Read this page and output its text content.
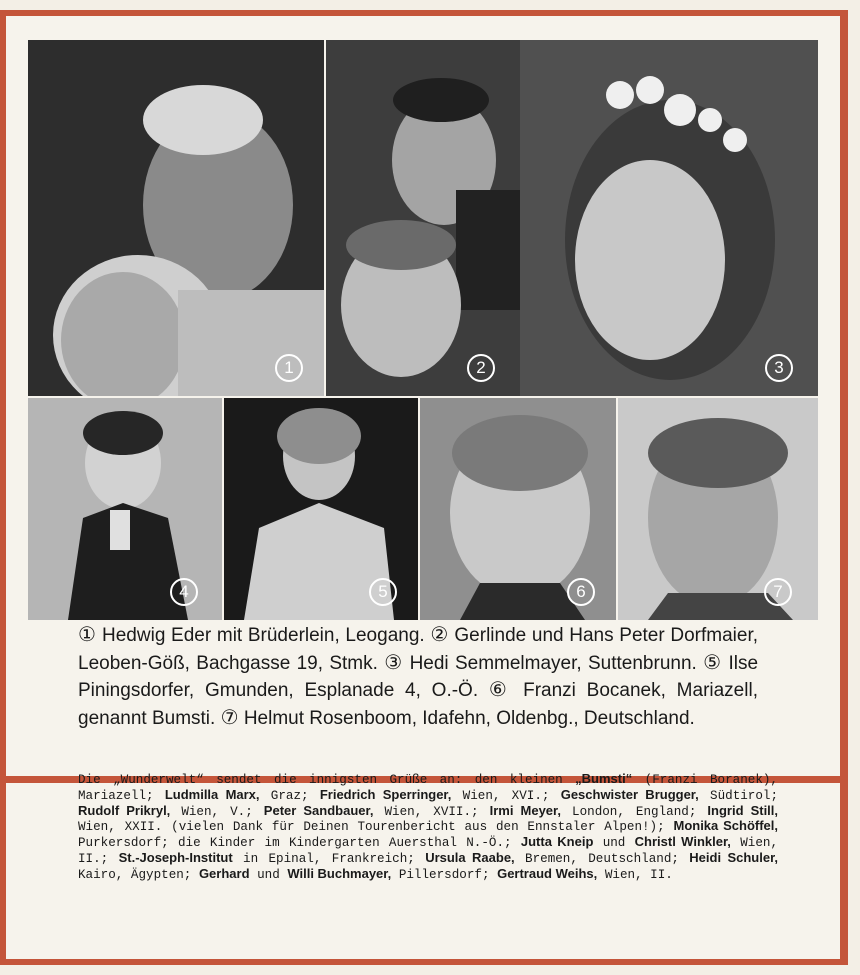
1	2	3
4	5	6	7
① Hedwig Eder mit Brüderlein, Leogang. ② Gerlinde und Hans Peter Dorfmaier, Leoben-Göß, Bachgasse 19, Stmk. ③ Hedi Semmelmayer, Suttenbrunn. ⑤ Ilse Piningsdorfer, Gmunden, Esplanade 4, O.-Ö. ⑥ Franzi Bocanek, Mariazell, genannt Bumsti. ⑦ Helmut Rosenboom, Idafehn, Oldenbg., Deutschland.
Die „Wunderwelt“ sendet die innigsten Grüße an: den kleinen „Bumsti“ (Franzi Boranek), Mariazell; Ludmilla Marx, Graz; Friedrich Sperringer, Wien, XVI.; Geschwister Brugger, Südtirol; Rudolf Prikryl, Wien, V.; Peter Sandbauer, Wien, XVII.; Irmi Meyer, London, England; Ingrid Still, Wien, XXII. (vielen Dank für Deinen Tourenbericht aus den Ennstaler Alpen!); Monika Schöffel, Purkersdorf; die Kinder im Kindergarten Auersthal N.-Ö.; Jutta Kneip und Christl Winkler, Wien, II.; St.-Joseph-Institut in Epinal, Frankreich; Ursula Raabe, Bremen, Deutschland; Heidi Schuler, Kairo, Ägypten; Gerhard und Willi Buchmayer, Pillersdorf; Gertraud Weihs, Wien, II.
